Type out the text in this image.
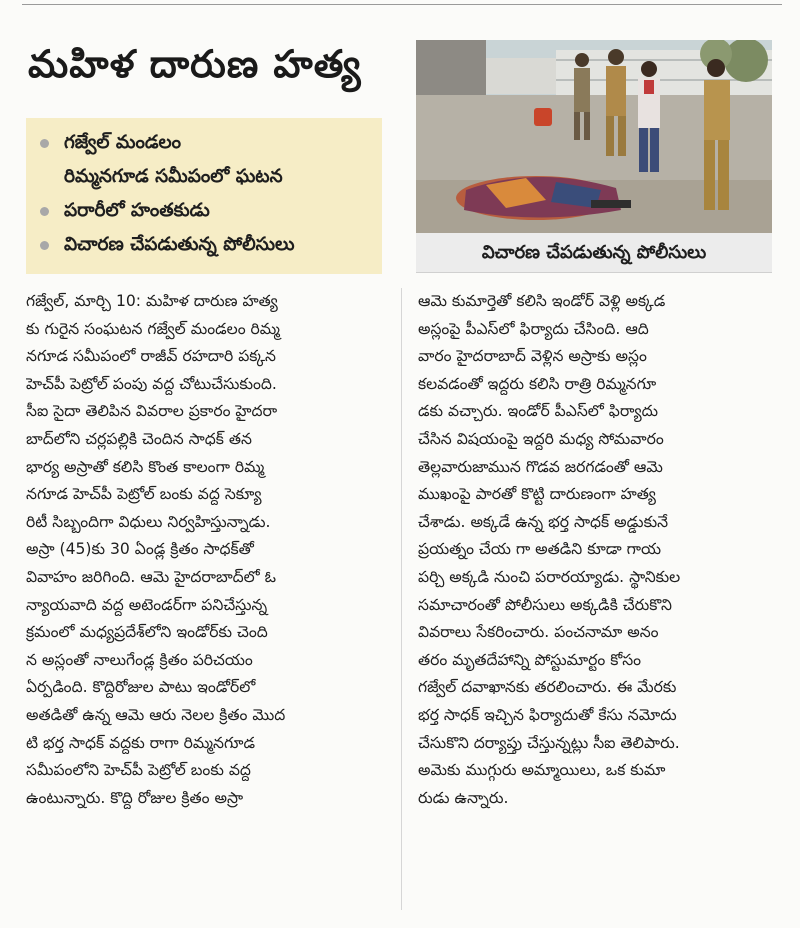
మహిళ దారుణ హత్య
గజ్వేల్ మండలం
రిమ్మనగూడ సమీపంలో ఘటన
పరారీలో హంతకుడు
విచారణ చేపడుతున్న పోలీసులు	విచారణ చేపడుతున్న పోలీసులు
గజ్వేల్, మార్చి 10: మహిళ దారుణ హత్య
కు గురైన సంఘటన గజ్వేల్ మండలం రిమ్మ
నగూడ సమీపంలో రాజీవ్ రహదారి పక్కన
హెచ్‌పీ పెట్రోల్ పంపు వద్ద చోటుచేసుకుంది.
సీఐ సైదా తెలిపిన వివరాల ప్రకారం హైదరా
బాద్‌లోని చర్లపల్లికి చెందిన సాధక్ తన
భార్య అస్రాతో కలిసి కొంత కాలంగా రిమ్మ
నగూడ హెచ్‌పీ పెట్రోల్ బంకు వద్ద సెక్యూ
రిటీ సిబ్బందిగా విధులు నిర్వహిస్తున్నాడు.
అస్రా (45)కు 30 ఏండ్ల క్రితం సాధక్‌తో
వివాహం జరిగింది. ఆమె హైదరాబాద్‌లో ఓ
న్యాయవాది వద్ద అటెండర్‌గా పనిచేస్తున్న
క్రమంలో మధ్యప్రదేశ్‌లోని ఇండోర్‌కు చెంది
న అస్లంతో నాలుగేండ్ల క్రితం పరిచయం
ఏర్పడింది. కొద్దిరోజుల పాటు ఇండోర్‌లో
అతడితో ఉన్న ఆమె ఆరు నెలల క్రితం మొద
టి భర్త సాధక్ వద్దకు రాగా రిమ్మనగూడ
సమీపంలోని హెచ్‌పీ పెట్రోల్ బంకు వద్ద
ఉంటున్నారు. కొద్ది రోజుల క్రితం అస్రా
ఆమె కుమార్తెతో కలిసి ఇండోర్ వెళ్లి అక్కడ
అస్లంపై పీఎస్‌లో ఫిర్యాదు చేసింది. ఆది
వారం హైదరాబాద్ వెళ్లిన అస్రాకు అస్లం
కలవడంతో ఇద్దరు కలిసి రాత్రి రిమ్మనగూ
డకు వచ్చారు. ఇండోర్ పీఎస్‌లో ఫిర్యాదు
చేసిన విషయంపై ఇద్దరి మధ్య సోమవారం
తెల్లవారుజామున గొడవ జరగడంతో ఆమె
ముఖంపై పారతో కొట్టి దారుణంగా హత్య
చేశాడు. అక్కడే ఉన్న భర్త సాధక్ అడ్డుకునే
ప్రయత్నం చేయ గా అతడిని కూడా గాయ
పర్చి అక్కడి నుంచి పరారయ్యాడు. స్థానికుల
సమాచారంతో పోలీసులు అక్కడికి చేరుకొని
వివరాలు సేకరించారు. పంచనామా అనం
తరం మృతదేహాన్ని పోస్టుమార్టం కోసం
గజ్వేల్ దవాఖానకు తరలించారు. ఈ మేరకు
భర్త సాధక్ ఇచ్చిన ఫిర్యాదుతో కేసు నమోదు
చేసుకొని దర్యాప్తు చేస్తున్నట్లు సీఐ తెలిపారు.
అమెకు ముగ్గురు అమ్మాయిలు, ఒక కుమా
రుడు ఉన్నారు.
